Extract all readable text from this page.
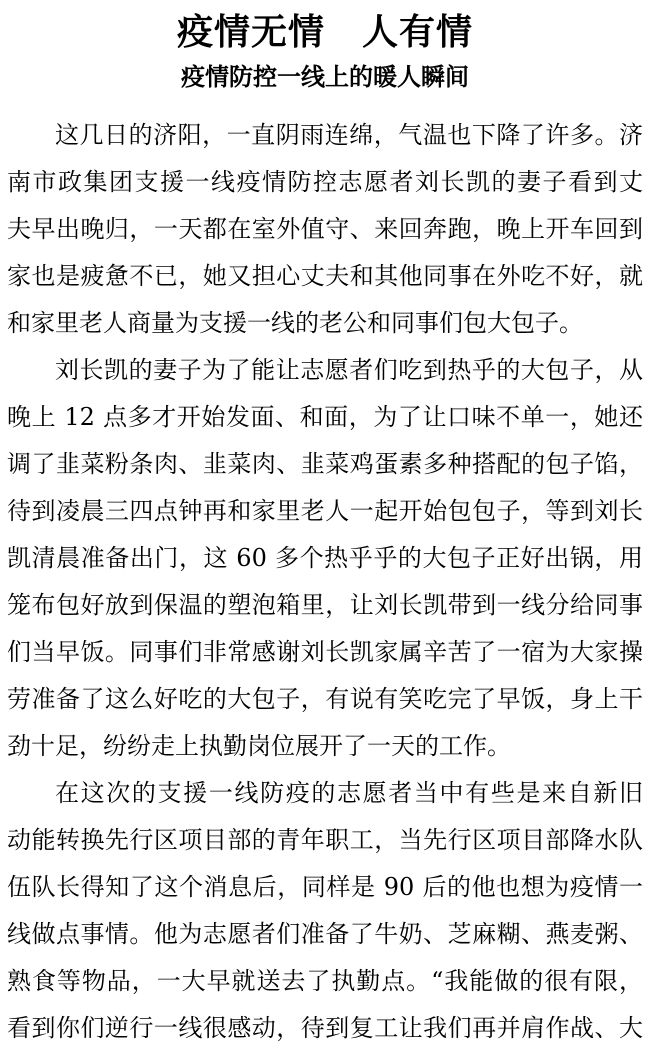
疫情无情　人有情
疫情防控一线上的暖人瞬间
这几日的济阳，一直阴雨连绵，气温也下降了许多。济
南市政集团支援一线疫情防控志愿者刘长凯的妻子看到丈
夫早出晚归，一天都在室外值守、来回奔跑，晚上开车回到
家也是疲惫不已，她又担心丈夫和其他同事在外吃不好，就
和家里老人商量为支援一线的老公和同事们包大包子。
刘长凯的妻子为了能让志愿者们吃到热乎的大包子，从
晚上 12 点多才开始发面、和面，为了让口味不单一，她还
调了韭菜粉条肉、韭菜肉、韭菜鸡蛋素多种搭配的包子馅，
待到凌晨三四点钟再和家里老人一起开始包包子，等到刘长
凯清晨准备出门，这 60 多个热乎乎的大包子正好出锅，用
笼布包好放到保温的塑泡箱里，让刘长凯带到一线分给同事
们当早饭。同事们非常感谢刘长凯家属辛苦了一宿为大家操
劳准备了这么好吃的大包子，有说有笑吃完了早饭，身上干
劲十足，纷纷走上执勤岗位展开了一天的工作。
在这次的支援一线防疫的志愿者当中有些是来自新旧
动能转换先行区项目部的青年职工，当先行区项目部降水队
伍队长得知了这个消息后，同样是 90 后的他也想为疫情一
线做点事情。他为志愿者们准备了牛奶、芝麻糊、燕麦粥、
熟食等物品，一大早就送去了执勤点。“我能做的很有限，
看到你们逆行一线很感动，待到复工让我们再并肩作战、大
